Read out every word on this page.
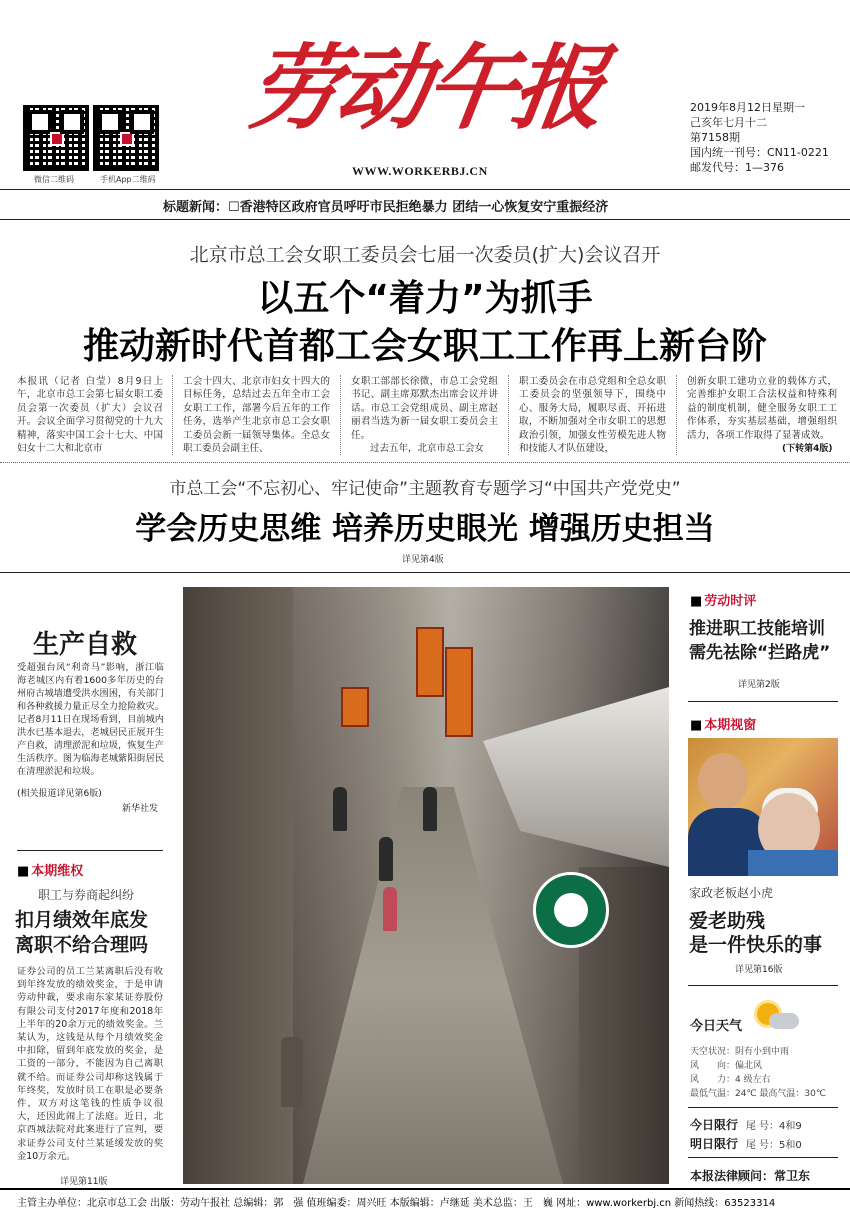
微信二维码	手机App二维码
劳动午报
WWW.WORKERBJ.CN
2019年8月12日星期一
己亥年七月十二
第7158期
国内统一刊号：CN11-0221
邮发代号：1—376
标题新闻：☐香港特区政府官员呼吁市民拒绝暴力 团结一心恢复安宁重振经济
北京市总工会女职工委员会七届一次委员(扩大)会议召开
以五个“着力”为抓手
推动新时代首都工会女职工工作再上新台阶
本报讯（记者 白莹）8月9日上午，北京市总工会第七届女职工委员会第一次委员（扩大）会议召开。会议全面学习贯彻党的十九大精神，落实中国工会十七大、中国妇女十二大和北京市
工会十四大、北京市妇女十四大的目标任务，总结过去五年全市工会女职工工作，部署今后五年的工作任务，选举产生北京市总工会女职工委员会新一届领导集体。全总女职工委员会副主任、
女职工部部长徐微，市总工会党组书记、副主席郑默杰出席会议并讲话。市总工会党组成员、副主席赵丽君当选为新一届女职工委员会主任。
　　过去五年，北京市总工会女
职工委员会在市总党组和全总女职工委员会的坚强领导下，围绕中心、服务大局，履职尽责、开拓进取，不断加强对全市女职工的思想政治引领，加强女性劳模先进人物和技能人才队伍建设，
创新女职工建功立业的载体方式，完善维护女职工合法权益和特殊利益的制度机制，健全服务女职工工作体系，夯实基层基础，增强组织活力，各项工作取得了显著成效。
(下转第4版)
市总工会“不忘初心、牢记使命”主题教育专题学习“中国共产党党史”
学会历史思维 培养历史眼光 增强历史担当
详见第4版
生产自救
受超强台风“利奇马”影响，浙江临海老城区内有着1600多年历史的台州府古城墙遭受洪水围困，有关部门和各种救援力量正尽全力抢险救灾。记者8月11日在现场看到，目前城内洪水已基本退去，老城居民正展开生产自救，清理淤泥和垃圾，恢复生产生活秩序。图为临海老城紫阳街居民在清理淤泥和垃圾。
(相关报道详见第6版)
新华社发
■ 本期维权
职工与券商起纠纷
扣月绩效年底发
离职不给合理吗
证券公司的员工兰某离职后没有收到年终发放的绩效奖金，于是申请劳动仲裁，要求南东家某证券股份有限公司支付2017年度和2018年上半年的20余万元的绩效奖金。兰某认为，这钱是从每个月绩效奖金中扣除，留到年底发放的奖金，是工资的一部分，不能因为自己离职就不给。而证券公司却称这钱属于年终奖，发放时员工在职是必要条件，双方对这笔钱的性质争议很大，还因此闹上了法庭。近日，北京西城法院对此案进行了宣判，要求证券公司支付兰某延缓发放的奖金10万余元。
详见第11版
■ 劳动时评
推进职工技能培训
需先祛除“拦路虎”
详见第2版
■ 本期视窗
家政老板赵小虎
爱老助残
是一件快乐的事
详见第16版
今日天气
天空状况：阴有小到中雨
风　　向：偏北风
风　　力：4 级左右
最低气温：24℃ 最高气温：30℃
今日限行 尾 号：4和9
明日限行 尾 号：5和0
本报法律顾问：常卫东
主管主办单位：北京市总工会 出版：劳动午报社 总编辑：郭　强 值班编委：周兴旺 本版编辑：卢继延 美术总监：王　巍 网址：www.workerbj.cn 新闻热线：63523314
